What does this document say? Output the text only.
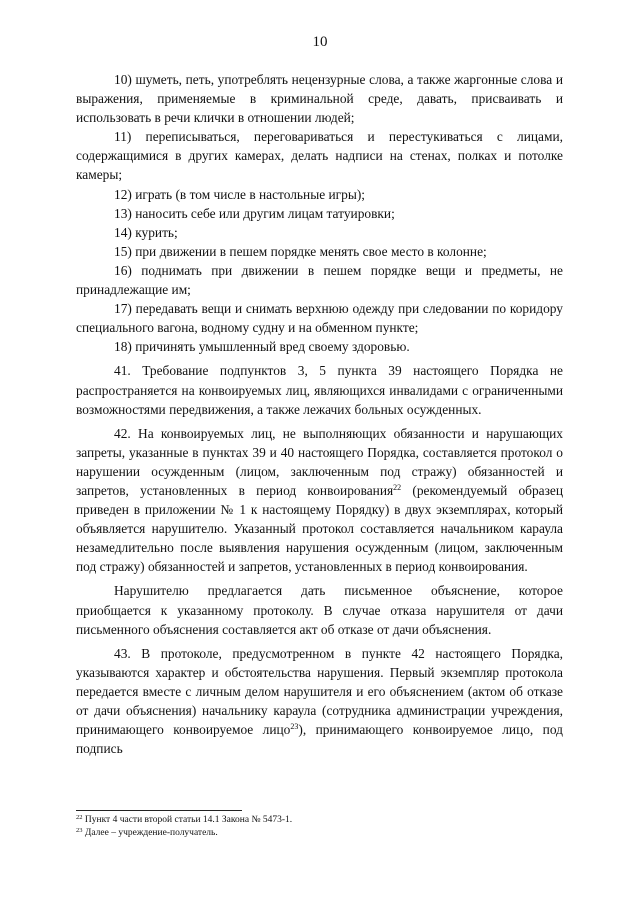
10

10) шуметь, петь, употреблять нецензурные слова, а также жаргонные слова и выражения, применяемые в криминальной среде, давать, присваивать и использовать в речи клички в отношении людей;

11) переписываться, переговариваться и перестукиваться с лицами, содержащимися в других камерах, делать надписи на стенах, полках и потолке камеры;

12) играть (в том числе в настольные игры);

13) наносить себе или другим лицам татуировки;

14) курить;

15) при движении в пешем порядке менять свое место в колонне;

16) поднимать при движении в пешем порядке вещи и предметы, не принадлежащие им;

17) передавать вещи и снимать верхнюю одежду при следовании по коридору специального вагона, водному судну и на обменном пункте;

18) причинять умышленный вред своему здоровью.

41. Требование подпунктов 3, 5 пункта 39 настоящего Порядка не распространяется на конвоируемых лиц, являющихся инвалидами с ограниченными возможностями передвижения, а также лежачих больных осужденных.

42. На конвоируемых лиц, не выполняющих обязанности и нарушающих запреты, указанные в пунктах 39 и 40 настоящего Порядка, составляется протокол о нарушении осужденным (лицом, заключенным под стражу) обязанностей и запретов, установленных в период конвоирования$^{22}$ (рекомендуемый образец приведен в приложении № 1 к настоящему Порядку) в двух экземплярах, который объявляется нарушителю. Указанный протокол составляется начальником караула незамедлительно после выявления нарушения осужденным (лицом, заключенным под стражу) обязанностей и запретов, установленных в период конвоирования.

Нарушителю предлагается дать письменное объяснение, которое приобщается к указанному протоколу. В случае отказа нарушителя от дачи письменного объяснения составляется акт об отказе от дачи объяснения.

43. В протоколе, предусмотренном в пункте 42 настоящего Порядка, указываются характер и обстоятельства нарушения. Первый экземпляр протокола передается вместе с личным делом нарушителя и его объяснением (актом об отказе от дачи объяснения) начальнику караула (сотрудника администрации учреждения, принимающего конвоируемое лицо$^{23}$), принимающего конвоируемое лицо, под подпись

$^{22}$ Пункт 4 части второй статьи 14.1 Закона № 5473-1.

$^{23}$ Далее – учреждение-получатель.
